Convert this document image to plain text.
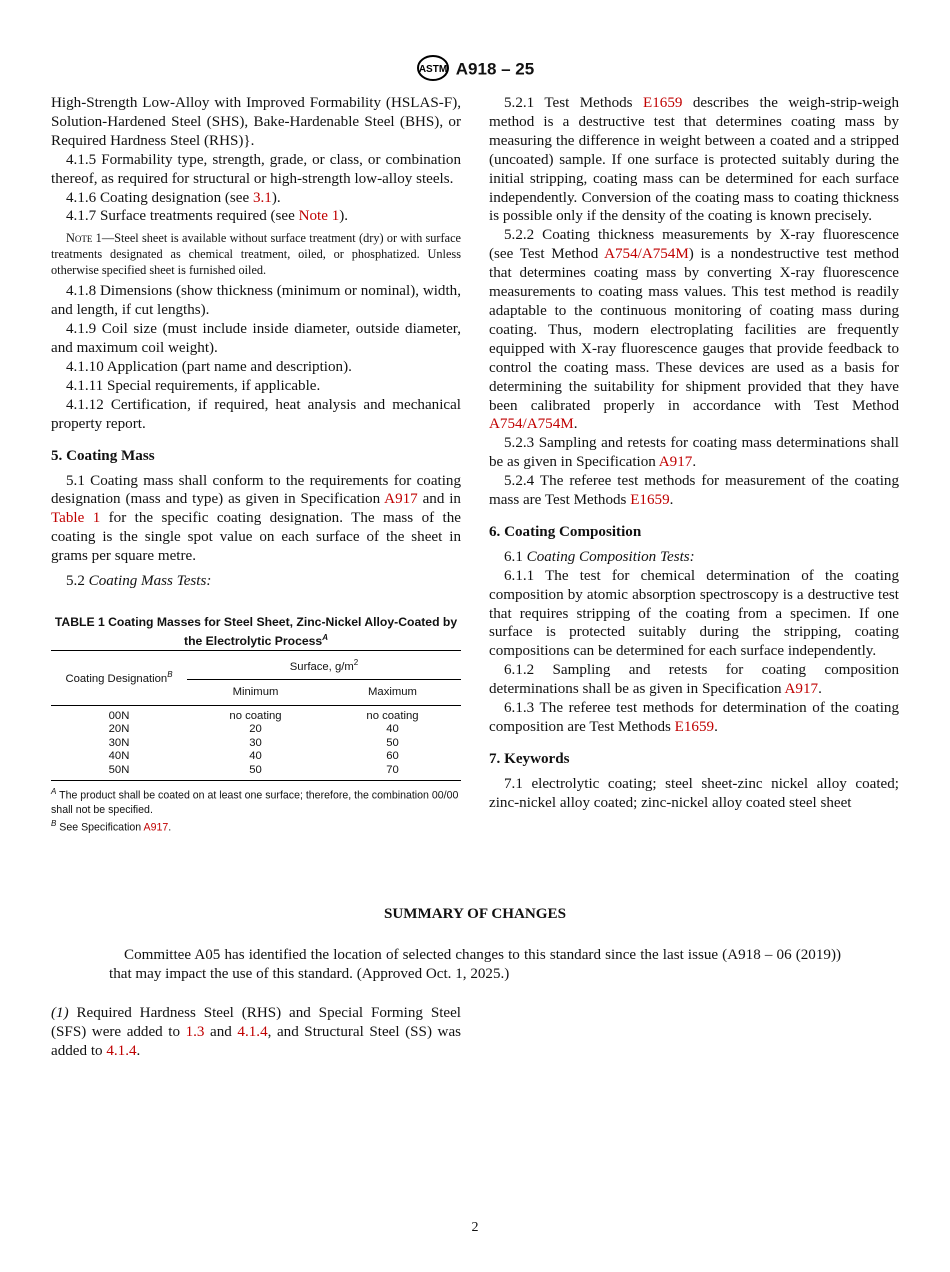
ASTM A918 – 25

High-Strength Low-Alloy with Improved Formability (HSLAS-F), Solution-Hardened Steel (SHS), Bake-Hardenable Steel (BHS), or Required Hardness Steel (RHS)}.

4.1.5 Formability type, strength, grade, or class, or combination thereof, as required for structural or high-strength low-alloy steels.

4.1.6 Coating designation (see 3.1).

4.1.7 Surface treatments required (see Note 1).

Note 1—Steel sheet is available without surface treatment (dry) or with surface treatments designated as chemical treatment, oiled, or phosphatized. Unless otherwise specified sheet is furnished oiled.

4.1.8 Dimensions (show thickness (minimum or nominal), width, and length, if cut lengths).

4.1.9 Coil size (must include inside diameter, outside diameter, and maximum coil weight).

4.1.10 Application (part name and description).

4.1.11 Special requirements, if applicable.

4.1.12 Certification, if required, heat analysis and mechanical property report.

5. Coating Mass

5.1 Coating mass shall conform to the requirements for coating designation (mass and type) as given in Specification A917 and in Table 1 for the specific coating designation. The mass of the coating is the single spot value on each surface of the sheet in grams per square metre.

5.2 Coating Mass Tests:

TABLE 1 Coating Masses for Steel Sheet, Zinc-Nickel Alloy-Coated by the Electrolytic Process$^A$
Coating Designation$^B$	Surface, $g/m^2$
	Minimum	Maximum
00N	no coating	no coating
20N	20	40
30N	30	50
40N	40	60
50N	50	70
$^A$ The product shall be coated on at least one surface; therefore, the combination 00/00 shall not be specified.
$^B$ See Specification A917.

5.2.1 Test Methods E1659 describes the weigh-strip-weigh method is a destructive test that determines coating mass by measuring the difference in weight between a coated and a stripped (uncoated) sample. If one surface is protected suitably during the initial stripping, coating mass can be determined for each surface independently. Conversion of the coating mass to coating thickness is possible only if the density of the coating is known precisely.

5.2.2 Coating thickness measurements by X-ray fluorescence (see Test Method A754/A754M) is a nondestructive test method that determines coating mass by converting X-ray fluorescence measurements to coating mass values. This test method is readily adaptable to the continuous monitoring of coating mass during coating. Thus, modern electroplating facilities are frequently equipped with X-ray fluorescence gauges that provide feedback to control the coating mass. These devices are used as a basis for determining the suitability for shipment provided that they have been calibrated properly in accordance with Test Method A754/A754M.

5.2.3 Sampling and retests for coating mass determinations shall be as given in Specification A917.

5.2.4 The referee test methods for measurement of the coating mass are Test Methods E1659.

6. Coating Composition

6.1 Coating Composition Tests:

6.1.1 The test for chemical determination of the coating composition by atomic absorption spectroscopy is a destructive test that requires stripping of the coating from a specimen. If one surface is protected suitably during the stripping, coating compositions can be determined for each surface independently.

6.1.2 Sampling and retests for coating composition determinations shall be as given in Specification A917.

6.1.3 The referee test methods for determination of the coating composition are Test Methods E1659.

7. Keywords

7.1 electrolytic coating; steel sheet-zinc nickel alloy coated; zinc-nickel alloy coated; zinc-nickel alloy coated steel sheet

SUMMARY OF CHANGES
Committee A05 has identified the location of selected changes to this standard since the last issue (A918 – 06 (2019)) that may impact the use of this standard. (Approved Oct. 1, 2025.)
(1) Required Hardness Steel (RHS) and Special Forming Steel (SFS) were added to 1.3 and 4.1.4, and Structural Steel (SS) was added to 4.1.4.
2
